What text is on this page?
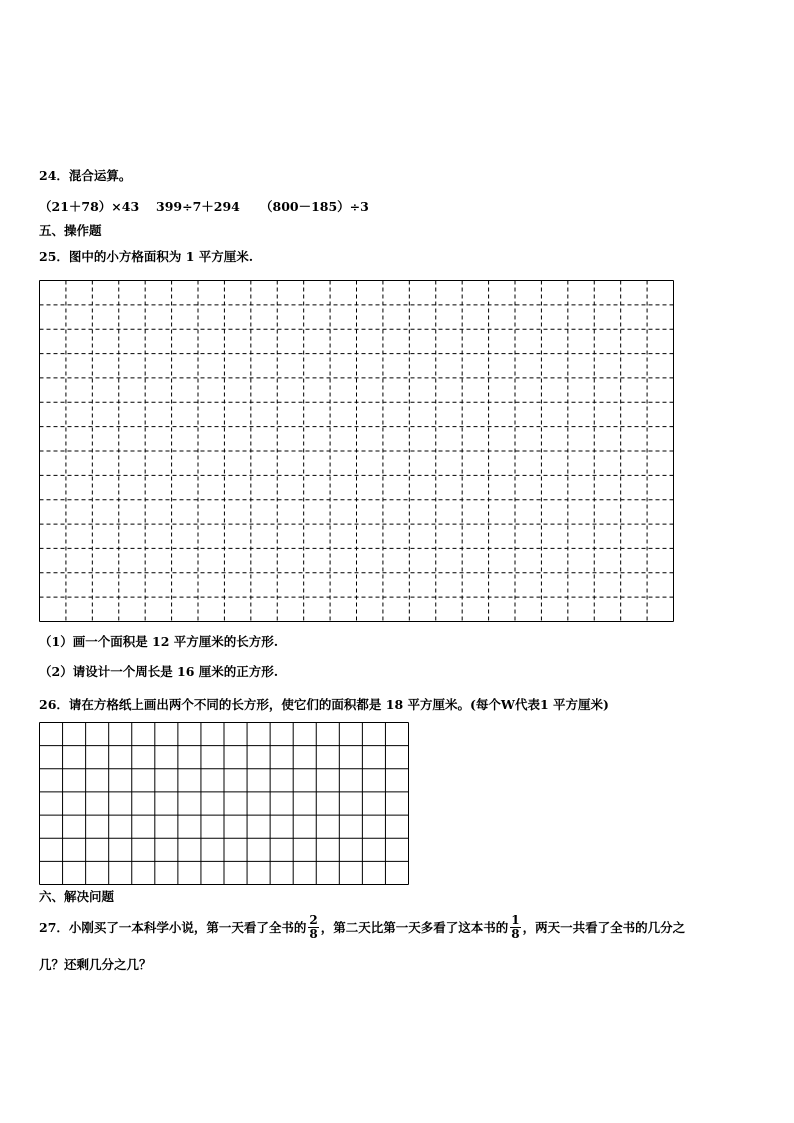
24．混合运算。
（21＋78）×43 399÷7＋294 （800－185）÷3
五、操作题
25．图中的小方格面积为 1 平方厘米.
（1）画一个面积是 12 平方厘米的长方形.
（2）请设计一个周长是 16 厘米的正方形.
26．请在方格纸上画出两个不同的长方形，使它们的面积都是 18 平方厘米。(每个W代表1 平方厘米)
六、解决问题
27．小刚买了一本科学小说，第一天看了全书的 $\frac{2}{8}$ ，第二天比第一天多看了这本书的 $\frac{1}{8}$ ，两天一共看了全书的几分之
几？还剩几分之几？
